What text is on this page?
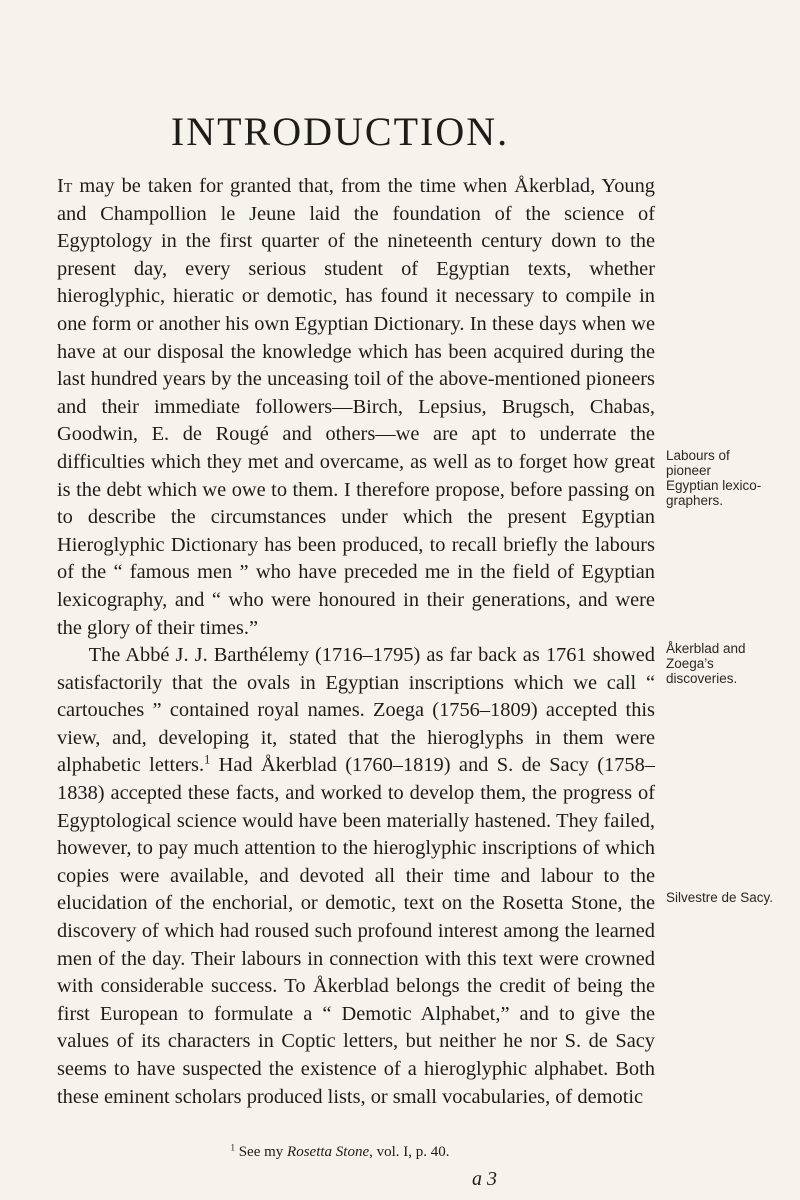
INTRODUCTION.

It may be taken for granted that, from the time when Åkerblad, Young and Champollion le Jeune laid the foundation of the science of Egyptology in the first quarter of the nineteenth century down to the present day, every serious student of Egyptian texts, whether hieroglyphic, hieratic or demotic, has found it necessary to compile in one form or another his own Egyptian Dictionary. In these days when we have at our disposal the knowledge which has been acquired during the last hundred years by the unceasing toil of the above-mentioned pioneers and their immediate followers—Birch, Lepsius, Brugsch, Chabas, Goodwin, E. de Rougé and others—we are apt to underrate the difficulties which they met and overcame, as well as to forget how great is the debt which we owe to them. I therefore propose, before passing on to describe the circumstances under which the present Egyptian Hieroglyphic Dictionary has been produced, to recall briefly the labours of the “ famous men ” who have preceded me in the field of Egyptian lexicography, and “ who were honoured in their generations, and were the glory of their times.”

The Abbé J. J. Barthélemy (1716–1795) as far back as 1761 showed satisfactorily that the ovals in Egyptian inscriptions which we call “ cartouches ” contained royal names. Zoega (1756–1809) accepted this view, and, developing it, stated that the hieroglyphs in them were alphabetic letters.$^1$ Had Åkerblad (1760–1819) and S. de Sacy (1758–1838) accepted these facts, and worked to develop them, the progress of Egyptological science would have been materially hastened. They failed, however, to pay much attention to the hieroglyphic inscriptions of which copies were available, and devoted all their time and labour to the elucidation of the enchorial, or demotic, text on the Rosetta Stone, the discovery of which had roused such profound interest among the learned men of the day. Their labours in connection with this text were crowned with considerable success. To Åkerblad belongs the credit of being the first European to formulate a “ Demotic Alphabet,” and to give the values of its characters in Coptic letters, but neither he nor S. de Sacy seems to have suspected the existence of a hieroglyphic alphabet. Both these eminent scholars produced lists, or small vocabularies, of demotic

Labours of pioneer Egyptian lexico-graphers.
Åkerblad and Zoega’s discoveries.
Silvestre de Sacy.

$^1$ See my Rosetta Stone, vol. I, p. 40.

a 3
